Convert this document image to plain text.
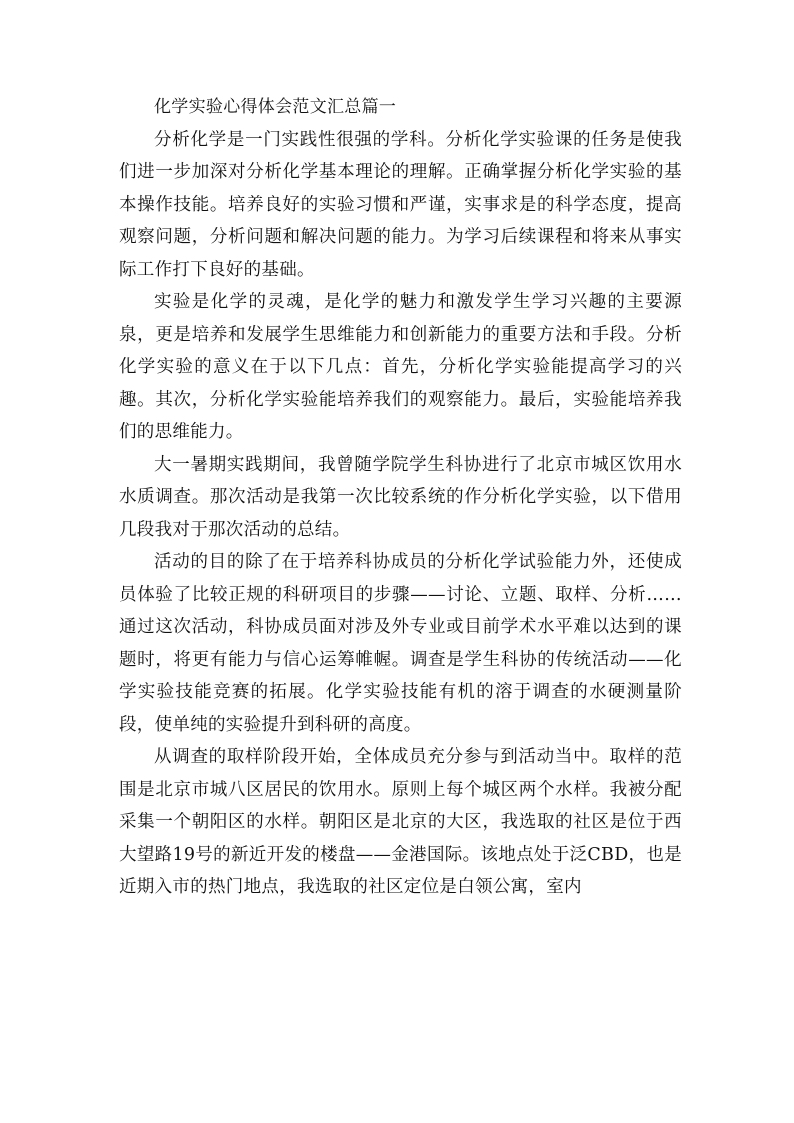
化学实验心得体会范文汇总篇一

分析化学是一门实践性很强的学科。分析化学实验课的任务是使我们进一步加深对分析化学基本理论的理解。正确掌握分析化学实验的基本操作技能。培养良好的实验习惯和严谨，实事求是的科学态度，提高观察问题，分析问题和解决问题的能力。为学习后续课程和将来从事实际工作打下良好的基础。

实验是化学的灵魂，是化学的魅力和激发学生学习兴趣的主要源泉，更是培养和发展学生思维能力和创新能力的重要方法和手段。分析化学实验的意义在于以下几点：首先，分析化学实验能提高学习的兴趣。其次，分析化学实验能培养我们的观察能力。最后，实验能培养我们的思维能力。

大一暑期实践期间，我曾随学院学生科协进行了北京市城区饮用水水质调查。那次活动是我第一次比较系统的作分析化学实验，以下借用几段我对于那次活动的总结。

活动的目的除了在于培养科协成员的分析化学试验能力外，还使成员体验了比较正规的科研项目的步骤——讨论、立题、取样、分析……通过这次活动，科协成员面对涉及外专业或目前学术水平难以达到的课题时，将更有能力与信心运筹帷幄。调查是学生科协的传统活动——化学实验技能竞赛的拓展。化学实验技能有机的溶于调查的水硬测量阶段，使单纯的实验提升到科研的高度。

从调查的取样阶段开始，全体成员充分参与到活动当中。取样的范围是北京市城八区居民的饮用水。原则上每个城区两个水样。我被分配采集一个朝阳区的水样。朝阳区是北京的大区，我选取的社区是位于西大望路19号的新近开发的楼盘——金港国际。该地点处于泛CBD，也是近期入市的热门地点，我选取的社区定位是白领公寓，室内
